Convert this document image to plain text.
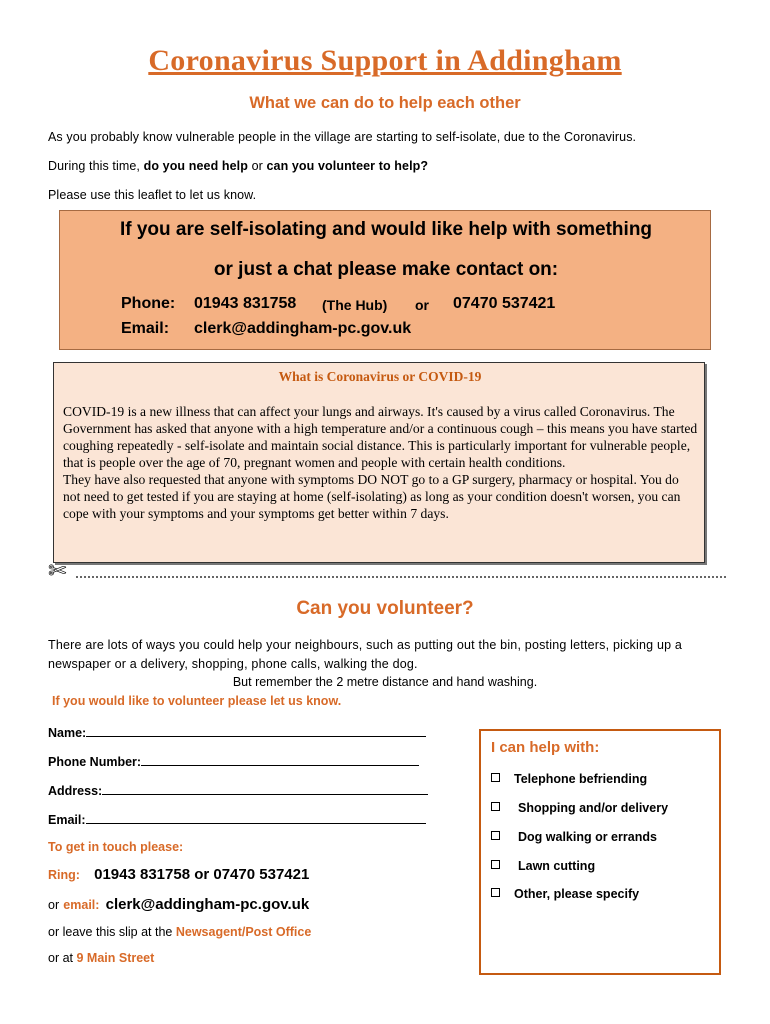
Coronavirus Support in Addingham
What we can do to help each other
As you probably know vulnerable people in the village are starting to self-isolate, due to the Coronavirus.
During this time, do you need help or can you volunteer to help?
Please use this leaflet to let us know.
If you are self-isolating and would like help with something
or just a chat please make contact on:
Phone: 01943 831758 (The Hub) or 07470 537421
Email: clerk@addingham-pc.gov.uk
What is Coronavirus or COVID-19
COVID-19 is a new illness that can affect your lungs and airways. It's caused by a virus called Coronavirus. The Government has asked that anyone with a high temperature and/or a continuous cough – this means you have started coughing repeatedly - self-isolate and maintain social distance. This is particularly important for vulnerable people, that is people over the age of 70, pregnant women and people with certain health conditions.
They have also requested that anyone with symptoms DO NOT go to a GP surgery, pharmacy or hospital. You do not need to get tested if you are staying at home (self-isolating) as long as your condition doesn't worsen, you can cope with your symptoms and your symptoms get better within 7 days.
✄
Can you volunteer?
There are lots of ways you could help your neighbours, such as putting out the bin, posting letters, picking up a newspaper or a delivery, shopping, phone calls, walking the dog.
But remember the 2 metre distance and hand washing.
If you would like to volunteer please let us know.
Name:
Phone Number:
Address:
Email:
To get in touch please:
Ring: 01943 831758 or 07470 537421
or email: clerk@addingham-pc.gov.uk
or leave this slip at the Newsagent/Post Office
or at 9 Main Street
I can help with:
Telephone befriending
Shopping and/or delivery
Dog walking or errands
Lawn cutting
Other, please specify
